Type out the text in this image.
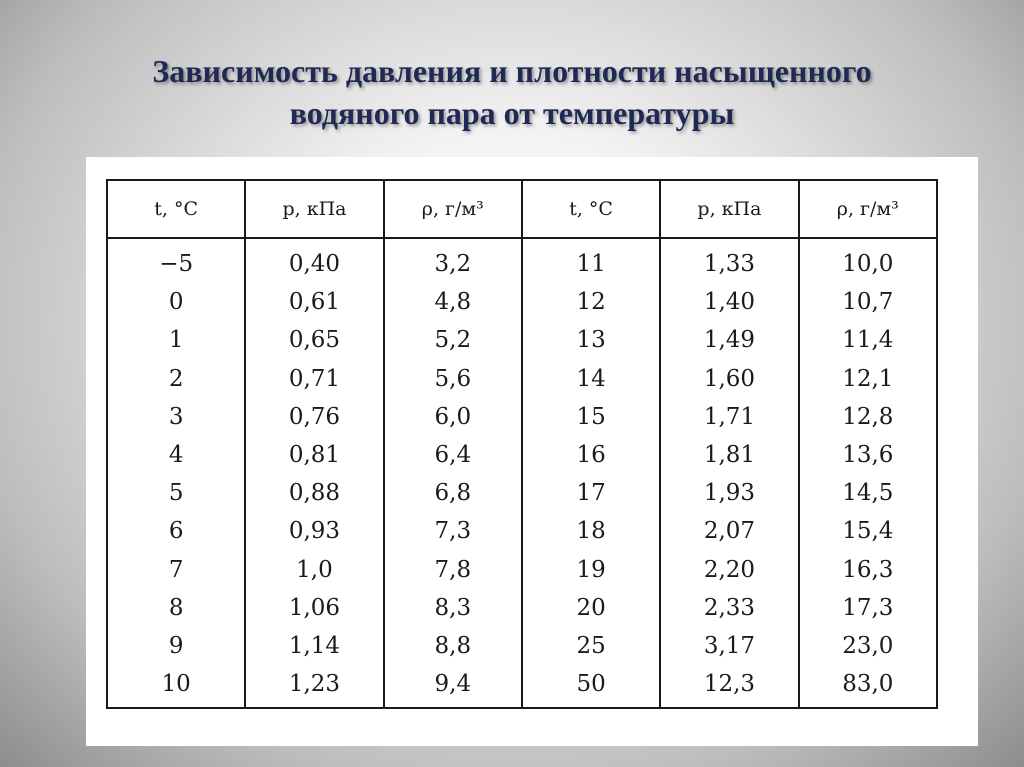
Зависимость давления и плотности насыщенного
водяного пара от температуры
t, °C	p, кПа	ρ, г/м³	t, °C	p, кПа	ρ, г/м³
−5	0,40	3,2	11	1,33	10,0
0	0,61	4,8	12	1,40	10,7
1	0,65	5,2	13	1,49	11,4
2	0,71	5,6	14	1,60	12,1
3	0,76	6,0	15	1,71	12,8
4	0,81	6,4	16	1,81	13,6
5	0,88	6,8	17	1,93	14,5
6	0,93	7,3	18	2,07	15,4
7	1,0	7,8	19	2,20	16,3
8	1,06	8,3	20	2,33	17,3
9	1,14	8,8	25	3,17	23,0
10	1,23	9,4	50	12,3	83,0
